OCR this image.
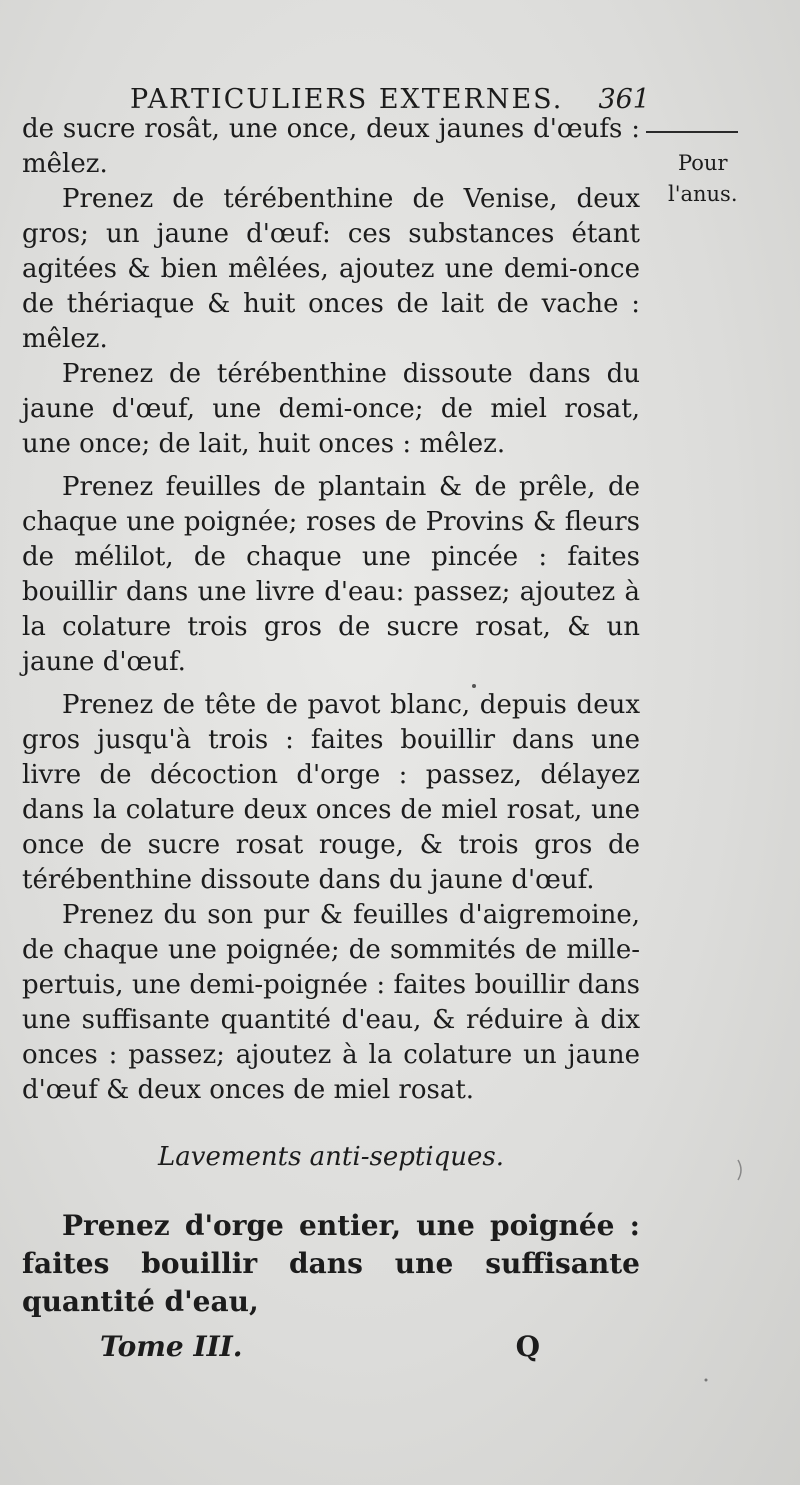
PARTICULIERS EXTERNES. 361
Pour
l'anus.

de sucre rosât, une once, deux jaunes d'œufs : mêlez.

Prenez de térébenthine de Venise, deux gros; un jaune d'œuf: ces substances étant agitées & bien mêlées, ajoutez une demi-once de thériaque & huit onces de lait de vache : mêlez.

Prenez de térébenthine dissoute dans du jaune d'œuf, une demi-once; de miel rosat, une once; de lait, huit onces : mêlez.

Prenez feuilles de plantain & de prêle, de chaque une poignée; roses de Provins & fleurs de mélilot, de chaque une pincée : faites bouillir dans une livre d'eau: passez; ajoutez à la colature trois gros de sucre rosat, & un jaune d'œuf.

Prenez de tête de pavot blanc, depuis deux gros jusqu'à trois : faites bouillir dans une livre de décoction d'orge : passez, délayez dans la colature deux onces de miel rosat, une once de sucre rosat rouge, & trois gros de térébenthine dissoute dans du jaune d'œuf.

Prenez du son pur & feuilles d'aigremoine, de chaque une poignée; de sommités de mille-pertuis, une demi-poignée : faites bouillir dans une suffisante quantité d'eau, & réduire à dix onces : passez; ajoutez à la colature un jaune d'œuf & deux onces de miel rosat.

Lavements anti-septiques.

Prenez d'orge entier, une poignée : faites bouillir dans une suffisante quantité d'eau,

Tome III.	Q
